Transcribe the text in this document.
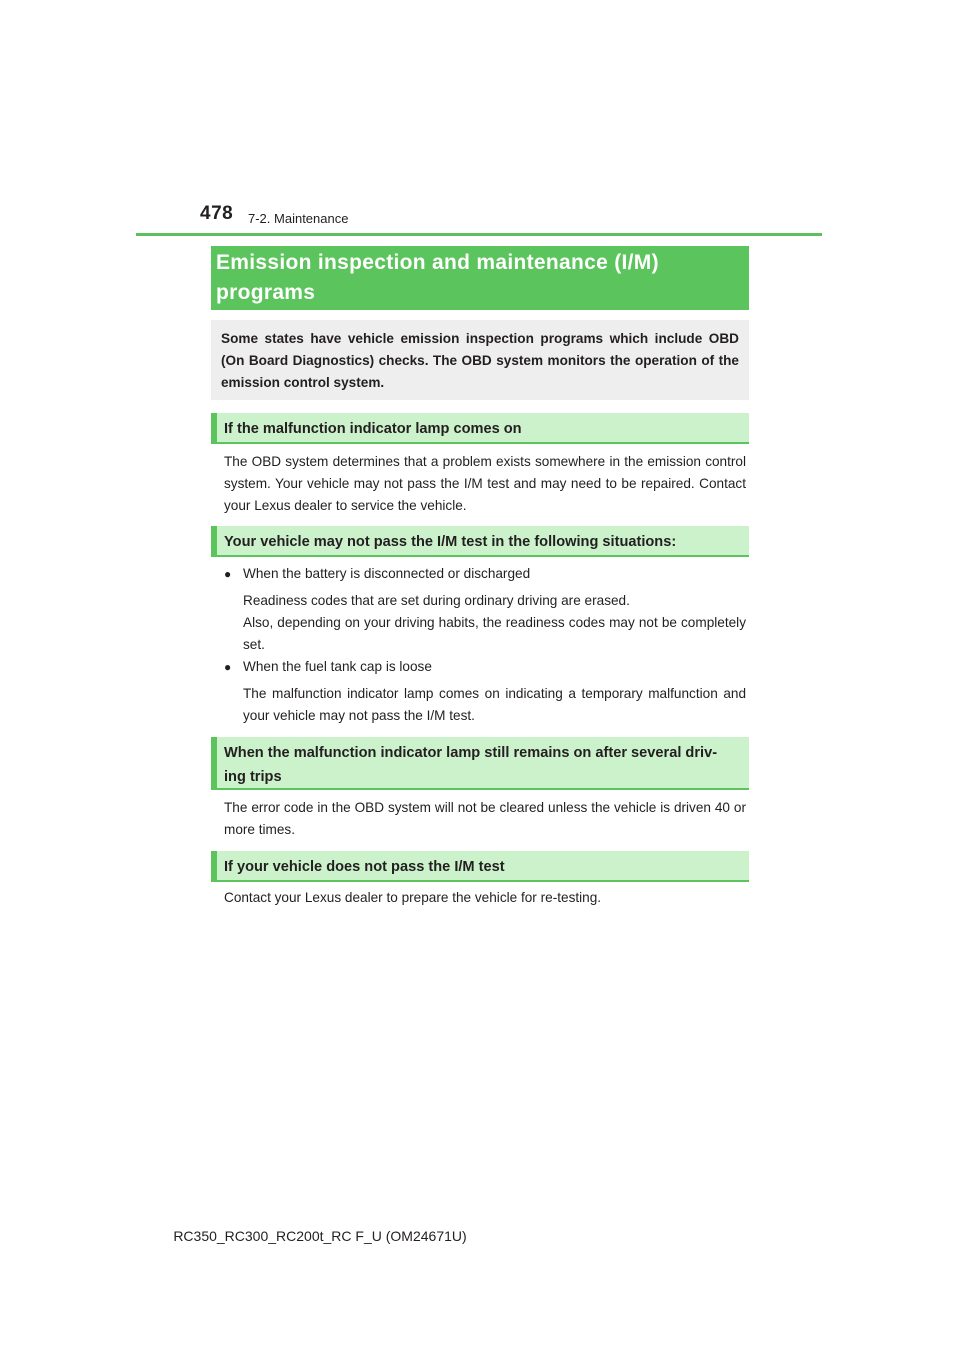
478 7-2. Maintenance
Emission inspection and maintenance (I/M)
programs
Some states have vehicle emission inspection programs which include OBD (On Board Diagnostics) checks. The OBD system monitors the operation of the emission control system.
If the malfunction indicator lamp comes on
The OBD system determines that a problem exists somewhere in the emission control system. Your vehicle may not pass the I/M test and may need to be repaired. Contact your Lexus dealer to service the vehicle.
Your vehicle may not pass the I/M test in the following situations:
● When the battery is disconnected or discharged
Readiness codes that are set during ordinary driving are erased.
Also, depending on your driving habits, the readiness codes may not be completely set.
● When the fuel tank cap is loose
The malfunction indicator lamp comes on indicating a temporary malfunction and your vehicle may not pass the I/M test.
When the malfunction indicator lamp still remains on after several driv-
ing trips
The error code in the OBD system will not be cleared unless the vehicle is driven 40 or more times.
If your vehicle does not pass the I/M test
Contact your Lexus dealer to prepare the vehicle for re-testing.
RC350_RC300_RC200t_RC F_U (OM24671U)
